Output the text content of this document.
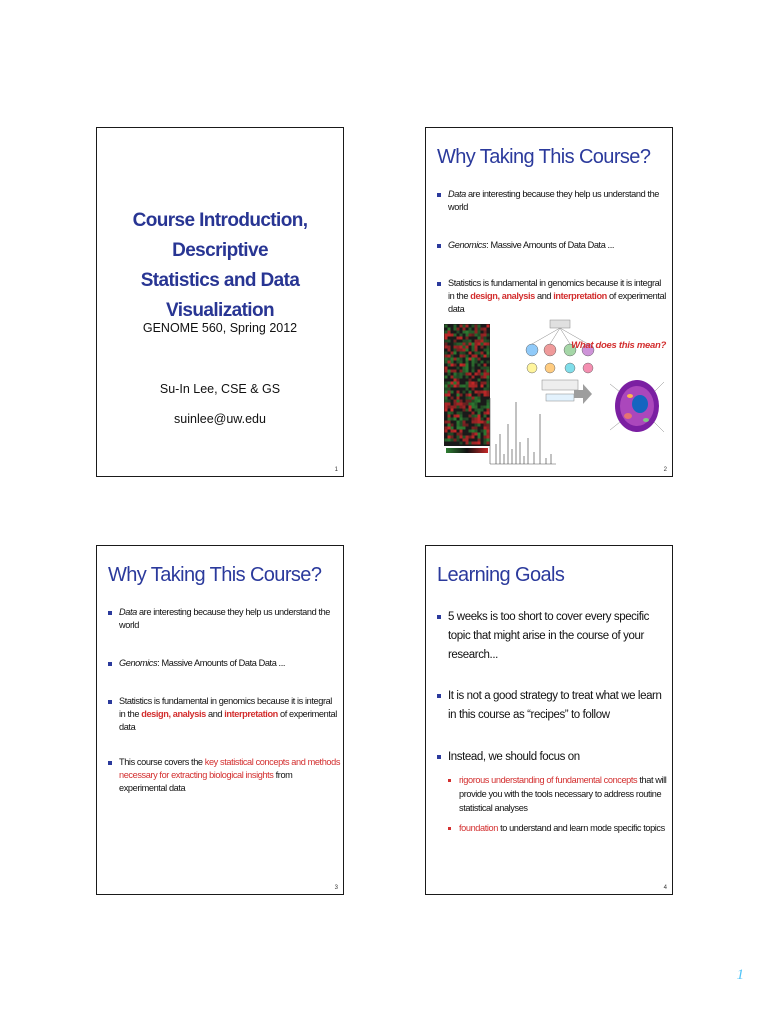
Course Introduction, Descriptive
Statistics and Data Visualization
GENOME 560, Spring 2012
Su-In Lee, CSE & GS
suinlee@uw.edu
1
Why Taking This Course?
Data are interesting because they help us understand the world
Genomics: Massive Amounts of Data Data ...
Statistics is fundamental in genomics because it is integral in the design, analysis and interpretation of experimental data
What does this mean?
2
Why Taking This Course?
Data are interesting because they help us understand the world
Genomics: Massive Amounts of Data Data ...
Statistics is fundamental in genomics because it is integral in the design, analysis and interpretation of experimental data
This course covers the key statistical concepts and methods necessary for extracting biological insights from experimental data
3
Learning Goals
5 weeks is too short to cover every specific topic that might arise in the course of your research...
It is not a good strategy to treat what we learn in this course as “recipes” to follow
Instead, we should focus on
rigorous understanding of fundamental concepts that will provide you with the tools necessary to address routine statistical analyses
foundation to understand and learn mode specific topics
4
1
